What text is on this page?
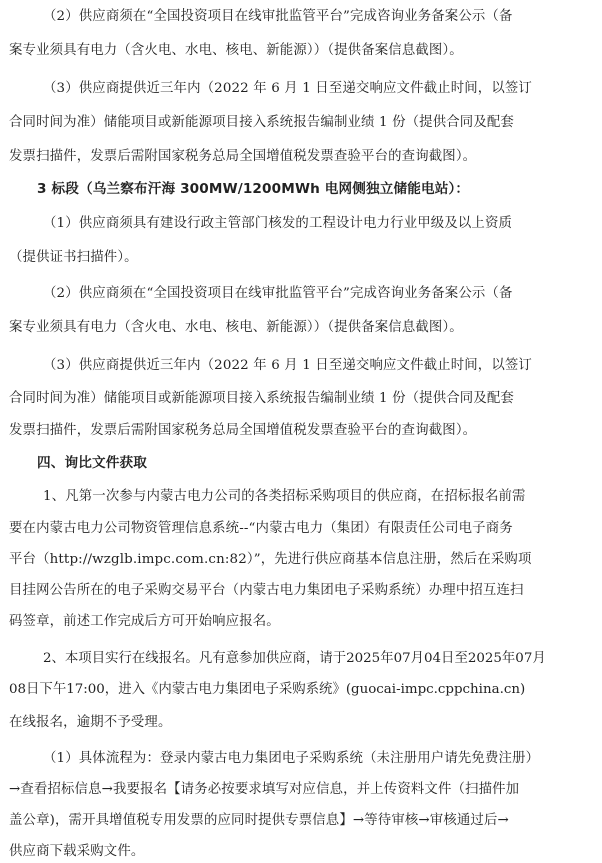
（2）供应商须在“全国投资项目在线审批监管平台”完成咨询业务备案公示（备
案专业须具有电力（含火电、水电、核电、新能源））（提供备案信息截图）。
（3）供应商提供近三年内（2022 年 6 月 1 日至递交响应文件截止时间，以签订
合同时间为准）储能项目或新能源项目接入系统报告编制业绩 1 份（提供合同及配套
发票扫描件，发票后需附国家税务总局全国增值税发票查验平台的查询截图）。
3 标段（乌兰察布汗海 300MW/1200MWh 电网侧独立储能电站）：
（1）供应商须具有建设行政主管部门核发的工程设计电力行业甲级及以上资质
（提供证书扫描件）。
（2）供应商须在“全国投资项目在线审批监管平台”完成咨询业务备案公示（备
案专业须具有电力（含火电、水电、核电、新能源））（提供备案信息截图）。
（3）供应商提供近三年内（2022 年 6 月 1 日至递交响应文件截止时间，以签订
合同时间为准）储能项目或新能源项目接入系统报告编制业绩 1 份（提供合同及配套
发票扫描件，发票后需附国家税务总局全国增值税发票查验平台的查询截图）。
四、询比文件获取
1、凡第一次参与内蒙古电力公司的各类招标采购项目的供应商，在招标报名前需
要在内蒙古电力公司物资管理信息系统--“内蒙古电力（集团）有限责任公司电子商务
平台（http://wzglb.impc.com.cn:82）”，先进行供应商基本信息注册，然后在采购项
目挂网公告所在的电子采购交易平台（内蒙古电力集团电子采购系统）办理中招互连扫
码签章，前述工作完成后方可开始响应报名。
2、本项目实行在线报名。凡有意参加供应商，请于2025年07月04日至2025年07月
08日下午17:00，进入《内蒙古电力集团电子采购系统》(guocai-impc.cppchina.cn)
在线报名，逾期不予受理。
（1）具体流程为：登录内蒙古电力集团电子采购系统（未注册用户请先免费注册）
→查看招标信息→我要报名【请务必按要求填写对应信息，并上传资料文件（扫描件加
盖公章)，需开具增值税专用发票的应同时提供专票信息】→等待审核→审核通过后→
供应商下载采购文件。
